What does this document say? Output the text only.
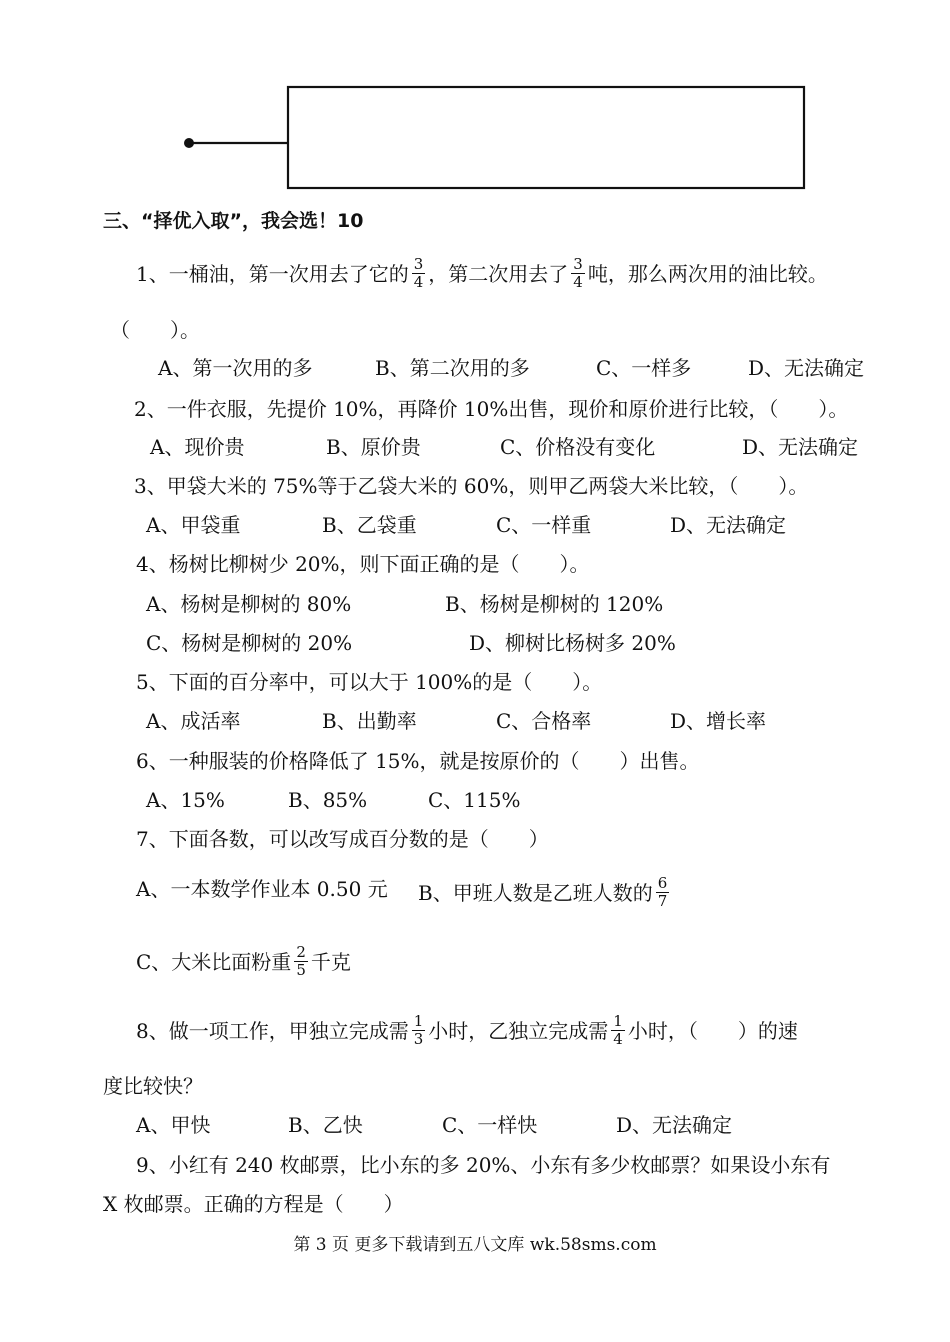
三、“择优入取”，我会选！10
1、一桶油，第一次用去了它的 $\frac{3}{4}$ ，第二次用去了 $\frac{3}{4}$ 吨，那么两次用的油比较。
（　　）。
A、第一次用的多	B、第二次用的多	C、一样多	D、无法确定
2、一件衣服，先提价 10%，再降价 10%出售，现价和原价进行比较，（　　）。
A、现价贵	B、原价贵	C、价格没有变化	D、无法确定
3、甲袋大米的 75%等于乙袋大米的 60%，则甲乙两袋大米比较，（　　）。
A、甲袋重	B、乙袋重	C、一样重	D、无法确定
4、杨树比柳树少 20%，则下面正确的是（　　）。
A、杨树是柳树的 80%	B、杨树是柳树的 120%
C、杨树是柳树的 20%	D、柳树比杨树多 20%
5、下面的百分率中，可以大于 100%的是（　　）。
A、成活率	B、出勤率	C、合格率	D、增长率
6、一种服装的价格降低了 15%，就是按原价的（　　）出售。
A、15%	B、85%	C、115%
7、下面各数，可以改写成百分数的是（　　）
A、一本数学作业本 0.50 元 B、甲班人数是乙班人数的 $\frac{6}{7}$
C、大米比面粉重 $\frac{2}{5}$ 千克
8、做一项工作，甲独立完成需 $\frac{1}{3}$ 小时，乙独立完成需 $\frac{1}{4}$ 小时，（　　）的速
度比较快？
A、甲快	B、乙快	C、一样快	D、无法确定
9、小红有 240 枚邮票，比小东的多 20%、小东有多少枚邮票？如果设小东有
X 枚邮票。正确的方程是（　　）
第 3 页 更多下载请到五八文库 wk.58sms.com
